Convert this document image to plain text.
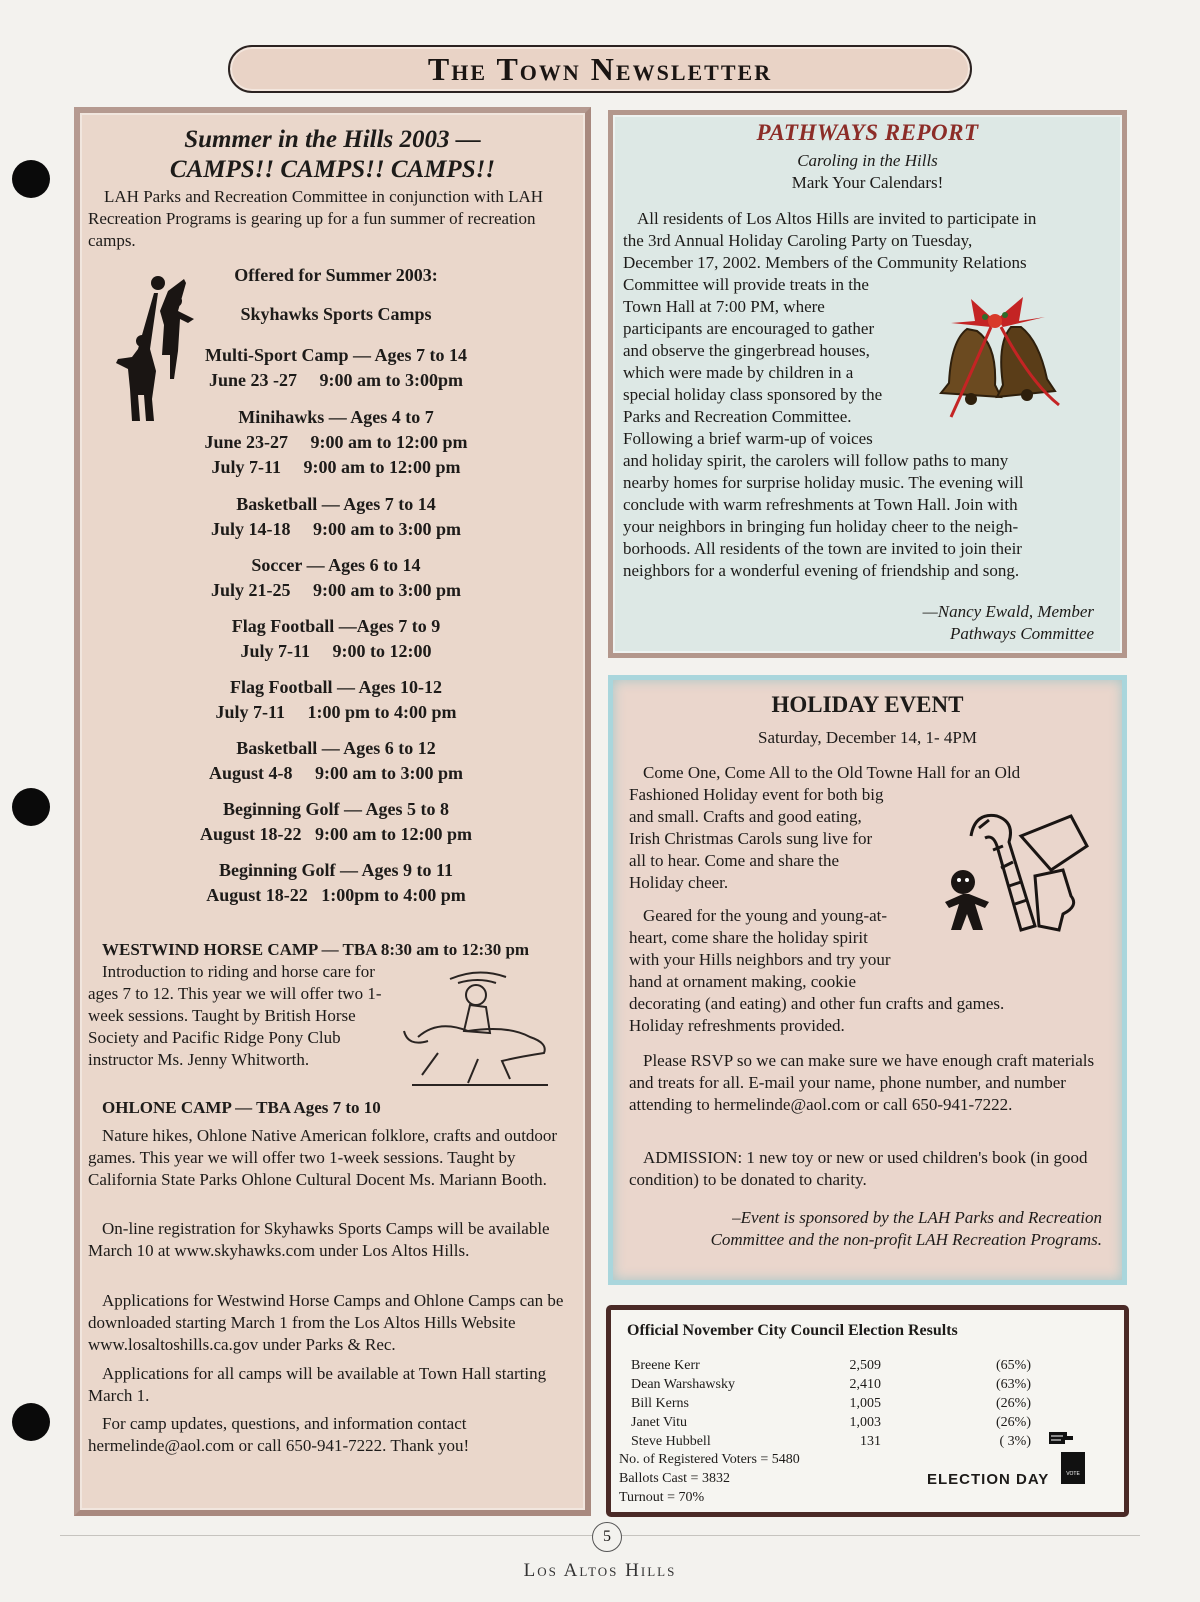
The Town Newsletter
Summer in the Hills 2003 —
CAMPS!! CAMPS!! CAMPS!!
LAH Parks and Recreation Committee in conjunction with LAH Recreation Programs is gearing up for a fun summer of recreation camps.
Offered for Summer 2003:
Skyhawks Sports Camps
Multi-Sport Camp — Ages 7 to 14
June 23 -27     9:00 am to 3:00pm
Minihawks — Ages 4 to 7
June 23-27     9:00 am to 12:00 pm
July 7-11     9:00 am to 12:00 pm
Basketball — Ages 7 to 14
July 14-18     9:00 am to 3:00 pm
Soccer — Ages 6 to 14
July 21-25     9:00 am to 3:00 pm
Flag Football —Ages 7 to 9
July 7-11     9:00 to 12:00
Flag Football — Ages 10-12
July 7-11     1:00 pm to 4:00 pm
Basketball — Ages 6 to 12
August 4-8     9:00 am to 3:00 pm
Beginning Golf — Ages 5 to 8
August 18-22   9:00 am to 12:00 pm
Beginning Golf — Ages 9 to 11
August 18-22   1:00pm to 4:00 pm
WESTWIND HORSE CAMP — TBA 8:30 am to 12:30 pm
Introduction to riding and horse care for ages 7 to 12. This year we will offer two 1-week sessions. Taught by British Horse Society and Pacific Ridge Pony Club instructor Ms. Jenny Whitworth.
OHLONE CAMP — TBA Ages 7 to 10
Nature hikes, Ohlone Native American folklore, crafts and outdoor games. This year we will offer two 1-week sessions. Taught by California State Parks Ohlone Cultural Docent Ms. Mariann Booth.
On-line registration for Skyhawks Sports Camps will be available March 10 at www.skyhawks.com under Los Altos Hills.
Applications for Westwind Horse Camps and Ohlone Camps can be downloaded starting March 1 from the Los Altos Hills Website www.losaltoshills.ca.gov under Parks & Rec.
Applications for all camps will be available at Town Hall starting March 1.
For camp updates, questions, and information contact hermelinde@aol.com or call 650-941-7222. Thank you!
PATHWAYS REPORT
Caroling in the Hills
Mark Your Calendars!
All residents of Los Altos Hills are invited to participate in
the 3rd Annual Holiday Caroling Party on Tuesday,
December 17, 2002. Members of the Community Relations
Committee will provide treats in the
Town Hall at 7:00 PM, where
participants are encouraged to gather
and observe the gingerbread houses,
which were made by children in a
special holiday class sponsored by the
Parks and Recreation Committee.
Following a brief warm-up of voices
and holiday spirit, the carolers will follow paths to many
nearby homes for surprise holiday music. The evening will
conclude with warm refreshments at Town Hall. Join with
your neighbors in bringing fun holiday cheer to the neigh-
borhoods. All residents of the town are invited to join their
neighbors for a wonderful evening of friendship and song.
—Nancy Ewald, Member
Pathways Committee
HOLIDAY EVENT
Saturday, December 14, 1- 4PM
Come One, Come All to the Old Towne Hall for an Old
Fashioned Holiday event for both big
and small. Crafts and good eating,
Irish Christmas Carols sung live for
all to hear. Come and share the
Holiday cheer.
Geared for the young and young-at-
heart, come share the holiday spirit
with your Hills neighbors and try your
hand at ornament making, cookie
decorating (and eating) and other fun crafts and games.
Holiday refreshments provided.
Please RSVP so we can make sure we have enough craft materials and treats for all. E-mail your name, phone number, and number attending to hermelinde@aol.com or call 650-941-7222.
ADMISSION: 1 new toy or new or used children's book (in good condition) to be donated to charity.
–Event is sponsored by the LAH Parks and Recreation
Committee and the non-profit LAH Recreation Programs.
Official November City Council Election Results
Breene Kerr	2,509	(65%)
Dean Warshawsky	2,410	(63%)
Bill Kerns	1,005	(26%)
Janet Vitu	1,003	(26%)
Steve Hubbell	131	( 3%)
No. of Registered Voters = 5480
Ballots Cast = 3832
Turnout = 70%
ELECTION DAY	VOTE
5
Los Altos Hills
